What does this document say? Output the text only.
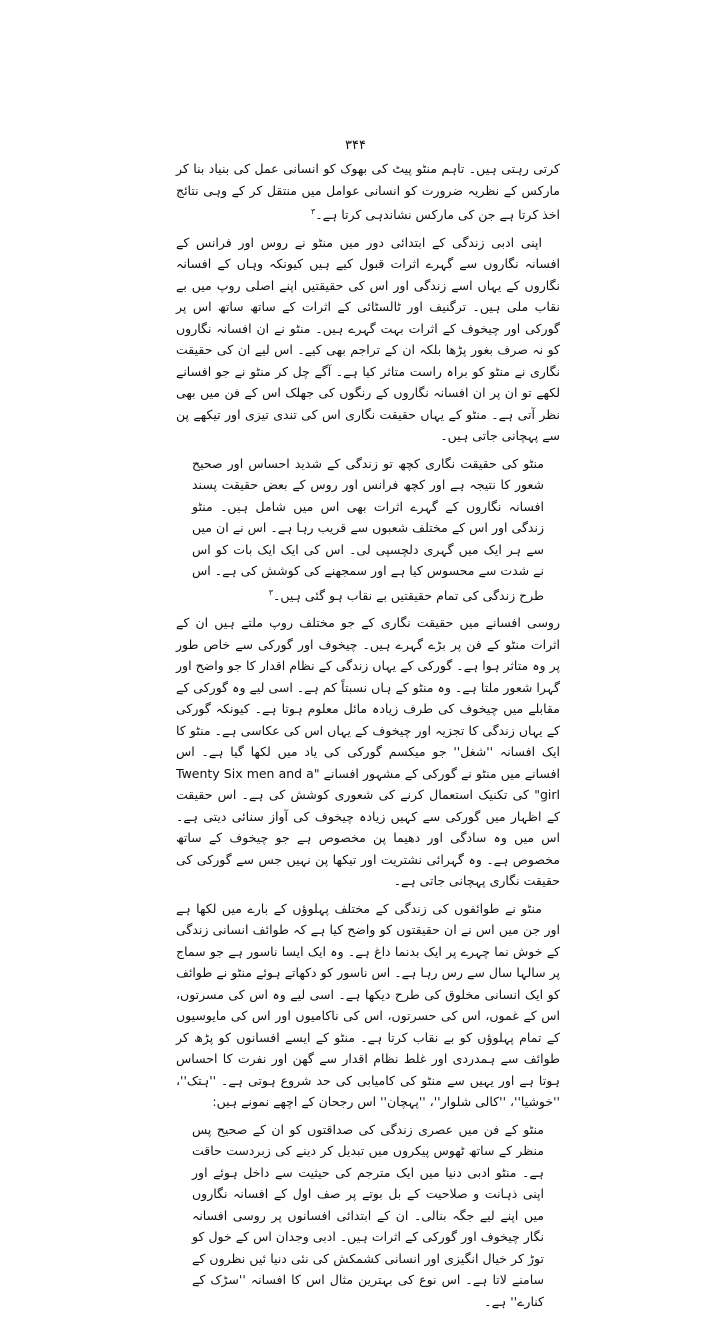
۳۴۴

کرتی رہتی ہیں۔ تاہم منٹو پیٹ کی بھوک کو انسانی عمل کی بنیاد بنا کر مارکس کے نظریہ ضرورت کو انسانی عوامل میں منتقل کر کے وہی نتائج اخذ کرتا ہے جن کی مارکس نشاندہی کرتا ہے۔$^۳$

اپنی ادبی زندگی کے ابتدائی دور میں منٹو نے روس اور فرانس کے افسانہ نگاروں سے گہرے اثرات قبول کیے ہیں کیونکہ وہاں کے افسانہ نگاروں کے یہاں اسے زندگی اور اس کی حقیقتیں اپنے اصلی روپ میں بے نقاب ملی ہیں۔ ترگنیف اور ٹالسٹائی کے اثرات کے ساتھ ساتھ اس پر گورکی اور چیخوف کے اثرات بہت گہرے ہیں۔ منٹو نے ان افسانہ نگاروں کو نہ صرف بغور پڑھا بلکہ ان کے تراجم بھی کیے۔ اس لیے ان کی حقیقت نگاری نے منٹو کو براہ راست متاثر کیا ہے۔ آگے چل کر منٹو نے جو افسانے لکھے تو ان پر ان افسانہ نگاروں کے رنگوں کی جھلک اس کے فن میں بھی نظر آتی ہے۔ منٹو کے یہاں حقیقت نگاری اس کی تندی تیزی اور تیکھے پن سے پہچانی جاتی ہیں۔

منٹو کی حقیقت نگاری کچھ تو زندگی کے شدید احساس اور صحیح شعور کا نتیجہ ہے اور کچھ فرانس اور روس کے بعض حقیقت پسند افسانہ نگاروں کے گہرے اثرات بھی اس میں شامل ہیں۔ منٹو زندگی اور اس کے مختلف شعبوں سے قریب رہا ہے۔ اس نے ان میں سے ہر ایک میں گہری دلچسپی لی۔ اس کی ایک ایک بات کو اس نے شدت سے محسوس کیا ہے اور سمجھنے کی کوشش کی ہے۔ اس طرح زندگی کی تمام حقیقتیں بے نقاب ہو گئی ہیں۔$^۳$

روسی افسانے میں حقیقت نگاری کے جو مختلف روپ ملتے ہیں ان کے اثرات منٹو کے فن پر بڑے گہرے ہیں۔ چیخوف اور گورکی سے خاص طور پر وہ متاثر ہوا ہے۔ گورکی کے یہاں زندگی کے نظام اقدار کا جو واضح اور گہرا شعور ملتا ہے۔ وہ منٹو کے ہاں نسبتاً کم ہے۔ اسی لیے وہ گورکی کے مقابلے میں چیخوف کی طرف زیادہ مائل معلوم ہوتا ہے۔ کیونکہ گورکی کے یہاں زندگی کا تجزیہ اور چیخوف کے یہاں اس کی عکاسی ہے۔ منٹو کا ایک افسانہ ''شغل'' جو میکسم گورکی کی یاد میں لکھا گیا ہے۔ اس افسانے میں منٹو نے گورکی کے مشہور افسانے "Twenty Six men and a girl" کی تکنیک استعمال کرنے کی شعوری کوشش کی ہے۔ اس حقیقت کے اظہار میں گورکی سے کہیں زیادہ چیخوف کی آواز سنائی دیتی ہے۔ اس میں وہ سادگی اور دھیما پن مخصوص ہے جو چیخوف کے ساتھ مخصوص ہے۔ وہ گہرائی نشتریت اور تیکھا پن نہیں جس سے گورکی کی حقیقت نگاری پہچانی جاتی ہے۔

منٹو نے طوائفوں کی زندگی کے مختلف پہلوؤں کے بارے میں لکھا ہے اور جن میں اس نے ان حقیقتوں کو واضح کیا ہے کہ طوائف انسانی زندگی کے خوش نما چہرے پر ایک بدنما داغ ہے۔ وہ ایک ایسا ناسور ہے جو سماج پر سالہا سال سے رس رہا ہے۔ اس ناسور کو دکھاتے ہوئے منٹو نے طوائف کو ایک انسانی مخلوق کی طرح دیکھا ہے۔ اسی لیے وہ اس کی مسرتوں، اس کے غموں، اس کی حسرتوں، اس کی ناکامیوں اور اس کی مایوسیوں کے تمام پہلوؤں کو بے نقاب کرتا ہے۔ منٹو کے ایسے افسانوں کو پڑھ کر طوائف سے ہمدردی اور غلط نظام اقدار سے گھن اور نفرت کا احساس ہوتا ہے اور یہیں سے منٹو کی کامیابی کی حد شروع ہوتی ہے۔ ''ہتک''، ''خوشیا''، ''کالی شلوار''، ''پہچان'' اس رجحان کے اچھے نمونے ہیں:

منٹو کے فن میں عصری زندگی کی صداقتوں کو ان کے صحیح پس منظر کے ساتھ ٹھوس پیکروں میں تبدیل کر دینے کی زبردست حاقت ہے۔ منٹو ادبی دنیا میں ایک مترجم کی حیثیت سے داخل ہوئے اور اپنی ذہانت و صلاحیت کے بل بوتے پر صف اول کے افسانہ نگاروں میں اپنے لیے جگہ بنالی۔ ان کے ابتدائی افسانوں پر روسی افسانہ نگار چیخوف اور گورکی کے اثرات ہیں۔ ادبی وجدان اس کے خول کو توڑ کر خیال انگیزی اور انسانی کشمکش کی نئی دنیا ئیں نظروں کے سامنے لاتا ہے۔ اس نوع کی بہترین مثال اس کا افسانہ ''سڑک کے کنارے'' ہے۔
